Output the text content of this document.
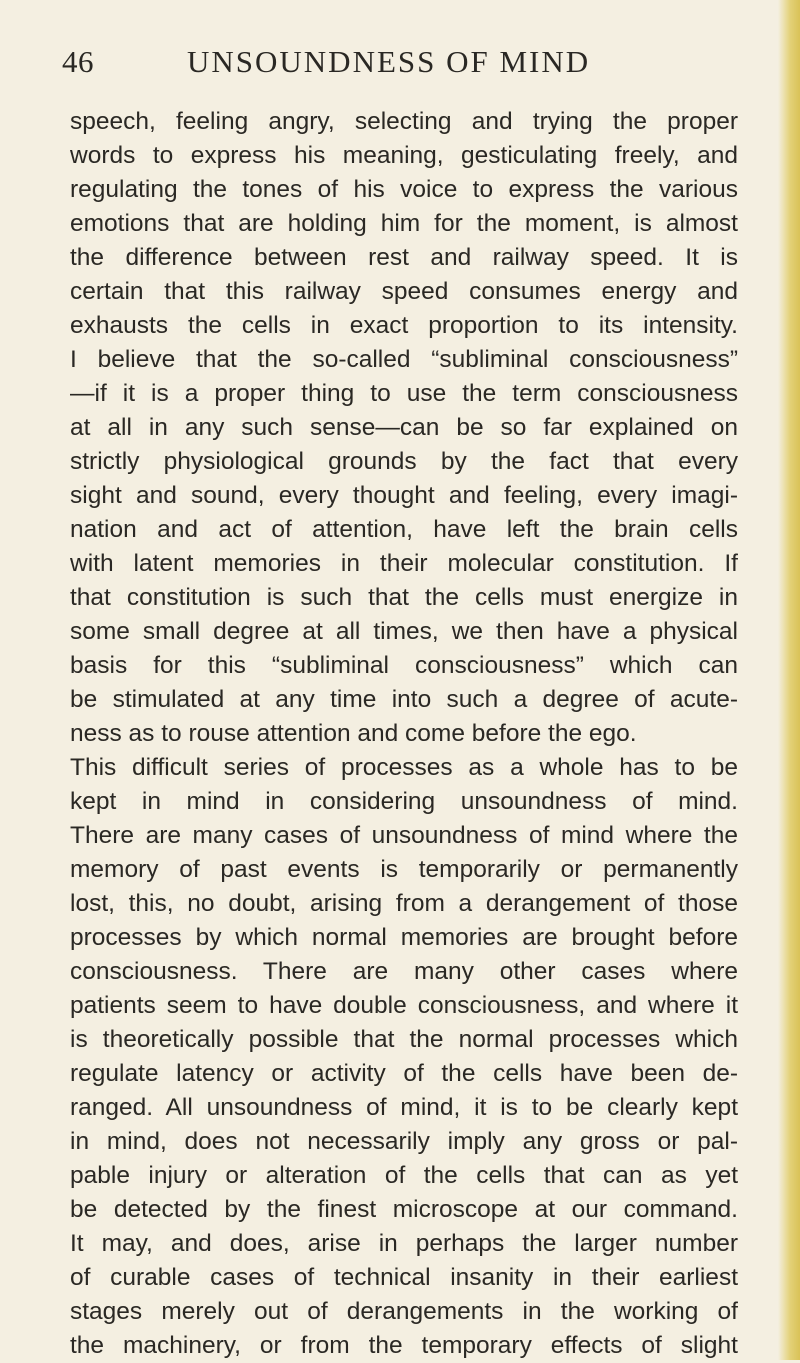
46	UNSOUNDNESS OF MIND
speech, feeling angry, selecting and trying the proper
words to express his meaning, gesticulating freely, and
regulating the tones of his voice to express the various
emotions that are holding him for the moment, is almost
the difference between rest and railway speed. It is
certain that this railway speed consumes energy and
exhausts the cells in exact proportion to its intensity.
I believe that the so-called “subliminal consciousness”
—if it is a proper thing to use the term consciousness
at all in any such sense—can be so far explained on
strictly physiological grounds by the fact that every
sight and sound, every thought and feeling, every imagi-
nation and act of attention, have left the brain cells
with latent memories in their molecular constitution. If
that constitution is such that the cells must energize in
some small degree at all times, we then have a physical
basis for this “subliminal consciousness” which can
be stimulated at any time into such a degree of acute-
ness as to rouse attention and come before the ego.
This difficult series of processes as a whole has to be
kept in mind in considering unsoundness of mind.
There are many cases of unsoundness of mind where the
memory of past events is temporarily or permanently
lost, this, no doubt, arising from a derangement of those
processes by which normal memories are brought before
consciousness. There are many other cases where
patients seem to have double consciousness, and where it
is theoretically possible that the normal processes which
regulate latency or activity of the cells have been de-
ranged. All unsoundness of mind, it is to be clearly kept
in mind, does not necessarily imply any gross or pal-
pable injury or alteration of the cells that can as yet
be detected by the finest microscope at our command.
It may, and does, arise in perhaps the larger number
of curable cases of technical insanity in their earliest
stages merely out of derangements in the working of
the machinery, or from the temporary effects of slight
